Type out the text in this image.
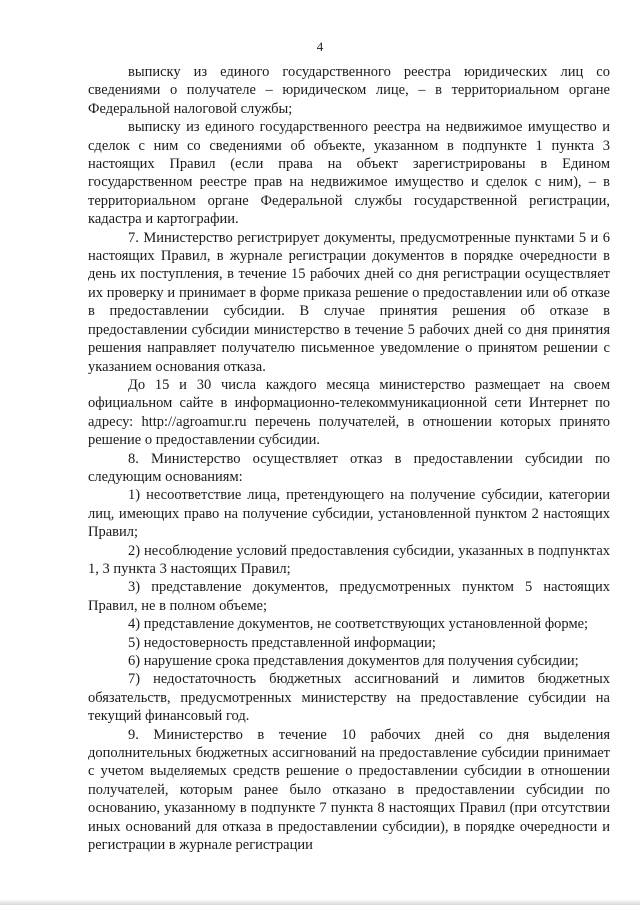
4

выписку из единого государственного реестра юридических лиц со сведениями о получателе – юридическом лице, – в территориальном органе Федеральной налоговой службы;

выписку из единого государственного реестра на недвижимое имущество и сделок с ним со сведениями об объекте, указанном в подпункте 1 пункта 3 настоящих Правил (если права на объект зарегистрированы в Едином государственном реестре прав на недвижимое имущество и сделок с ним), – в территориальном органе Федеральной службы государственной регистрации, кадастра и картографии.

7. Министерство регистрирует документы, предусмотренные пунктами 5 и 6 настоящих Правил, в журнале регистрации документов в порядке очередности в день их поступления, в течение 15 рабочих дней со дня регистрации осуществляет их проверку и принимает в форме приказа решение о предоставлении или об отказе в предоставлении субсидии. В случае принятия решения об отказе в предоставлении субсидии министерство в течение 5 рабочих дней со дня принятия решения направляет получателю письменное уведомление о принятом решении с указанием основания отказа.

До 15 и 30 числа каждого месяца министерство размещает на своем официальном сайте в информационно-телекоммуникационной сети Интернет по адресу: http://agroamur.ru перечень получателей, в отношении которых принято решение о предоставлении субсидии.

8. Министерство осуществляет отказ в предоставлении субсидии по следующим основаниям:

1) несоответствие лица, претендующего на получение субсидии, категории лиц, имеющих право на получение субсидии, установленной пунктом 2 настоящих Правил;

2) несоблюдение условий предоставления субсидии, указанных в подпунктах 1, 3 пункта 3 настоящих Правил;

3) представление документов, предусмотренных пунктом 5 настоящих Правил, не в полном объеме;

4) представление документов, не соответствующих установленной форме;

5) недостоверность представленной информации;

6) нарушение срока представления документов для получения субсидии;

7) недостаточность бюджетных ассигнований и лимитов бюджетных обязательств, предусмотренных министерству на предоставление субсидии на текущий финансовый год.

9. Министерство в течение 10 рабочих дней со дня выделения дополнительных бюджетных ассигнований на предоставление субсидии принимает с учетом выделяемых средств решение о предоставлении субсидии в отношении получателей, которым ранее было отказано в предоставлении субсидии по основанию, указанному в подпункте 7 пункта 8 настоящих Правил (при отсутствии иных оснований для отказа в предоставлении субсидии), в порядке очередности и регистрации в журнале регистрации
